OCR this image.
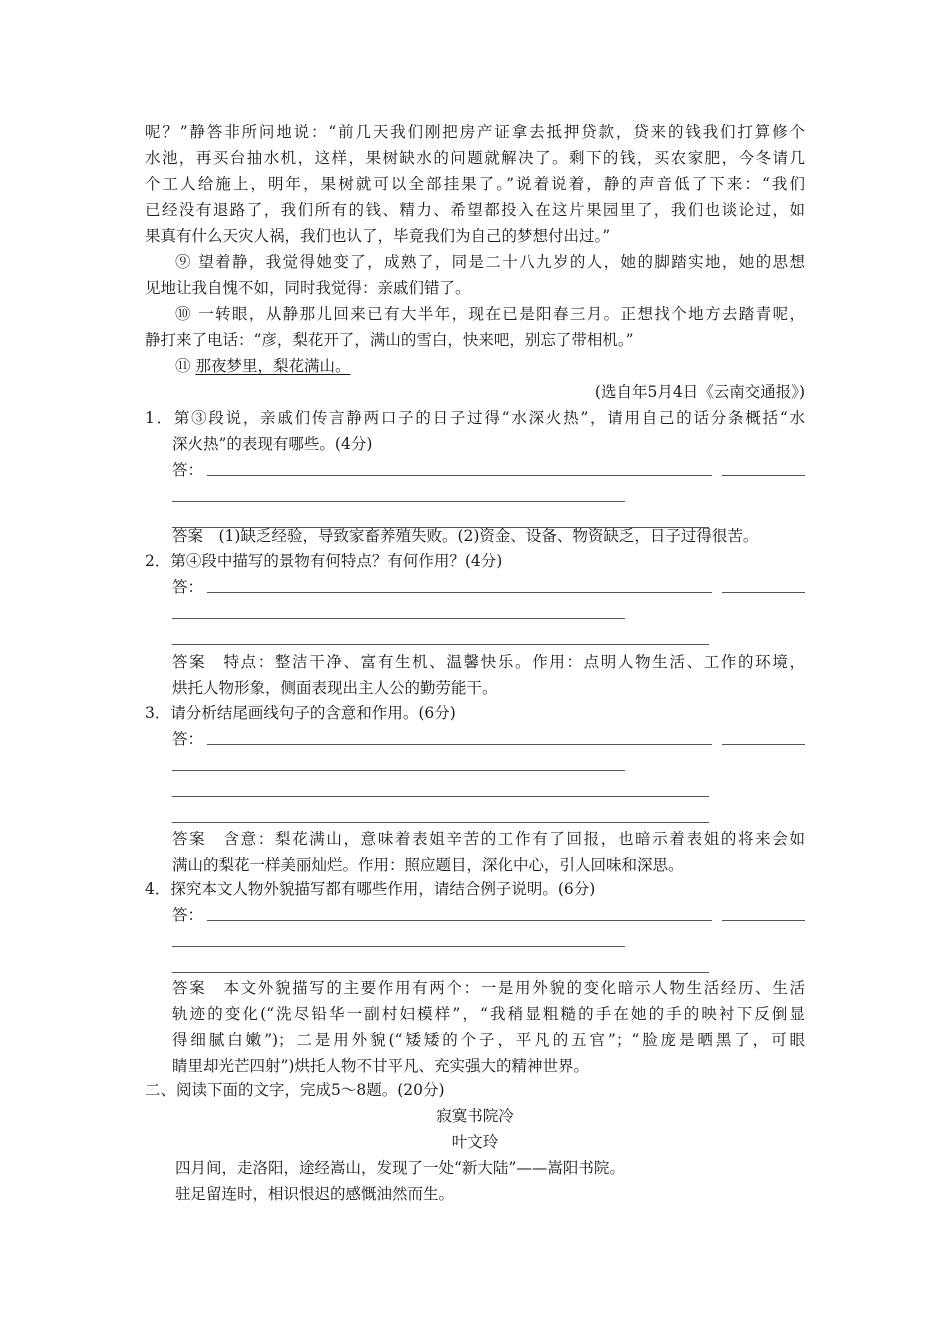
呢？”静答非所问地说：“前几天我们刚把房产证拿去抵押贷款，贷来的钱我们打算修个
水池，再买台抽水机，这样，果树缺水的问题就解决了。剩下的钱，买农家肥，今冬请几
个工人给施上，明年，果树就可以全部挂果了。”说着说着，静的声音低了下来：“我们
已经没有退路了，我们所有的钱、精力、希望都投入在这片果园里了，我们也谈论过，如
果真有什么天灾人祸，我们也认了，毕竟我们为自己的梦想付出过。”
⑨ 望着静，我觉得她变了，成熟了，同是二十八九岁的人，她的脚踏实地，她的思想
见地让我自愧不如，同时我觉得：亲戚们错了。
⑩ 一转眼，从静那儿回来已有大半年，现在已是阳春三月。正想找个地方去踏青呢，
静打来了电话：“彦，梨花开了，满山的雪白，快来吧，别忘了带相机。”
⑪ 那夜梦里，梨花满山。
(选自年5月4日《云南交通报》)
1．第③段说，亲戚们传言静两口子的日子过得“水深火热”，请用自己的话分条概括“水
深火热”的表现有哪些。(4分)
答：
答案　(1)缺乏经验，导致家畜养殖失败。(2)资金、设备、物资缺乏，日子过得很苦。
2．第④段中描写的景物有何特点？有何作用？(4分)
答：
答案　特点：整洁干净、富有生机、温馨快乐。作用：点明人物生活、工作的环境，
烘托人物形象，侧面表现出主人公的勤劳能干。
3．请分析结尾画线句子的含意和作用。(6分)
答：
答案　含意：梨花满山，意味着表姐辛苦的工作有了回报，也暗示着表姐的将来会如
满山的梨花一样美丽灿烂。作用：照应题目，深化中心，引人回味和深思。
4．探究本文人物外貌描写都有哪些作用，请结合例子说明。(6分)
答：
答案　本文外貌描写的主要作用有两个：一是用外貌的变化暗示人物生活经历、生活
轨迹的变化(“洗尽铅华一副村妇模样”，“我稍显粗糙的手在她的手的映衬下反倒显
得细腻白嫩”)；二是用外貌(“矮矮的个子，平凡的五官”；“脸庞是晒黑了，可眼
睛里却光芒四射”)烘托人物不甘平凡、充实强大的精神世界。
二、阅读下面的文字，完成5～8题。(20分)
寂寞书院冷
叶文玲
四月间，走洛阳，途经嵩山，发现了一处“新大陆”——嵩阳书院。
驻足留连时，相识恨迟的感慨油然而生。
